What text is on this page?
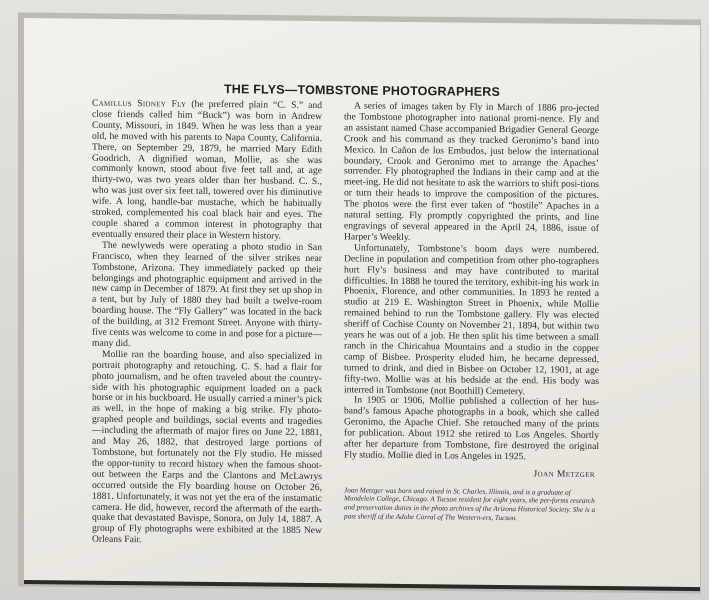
THE FLYS—TOMBSTONE PHOTOGRAPHERS

Camillus Sidney Fly (he preferred plain “C. S.” and close friends called him “Buck”) was born in Andrew County, Missouri, in 1849. When he was less than a year old, he moved with his parents to Napa County, California. There, on September 29, 1879, he married Mary Edith Goodrich. A dignified woman, Mollie, as she was commonly known, stood about five feet tall and, at age thirty-two, was two years older than her husband. C. S., who was just over six feet tall, towered over his diminutive wife. A long, handle-bar mustache, which he habitually stroked, complemented his coal black hair and eyes. The couple shared a common interest in photography that eventually ensured their place in Western history.

The newlyweds were operating a photo studio in San Francisco, when they learned of the silver strikes near Tombstone, Arizona. They immediately packed up their belongings and photographic equipment and arrived in the new camp in December of 1879. At first they set up shop in a tent, but by July of 1880 they had built a twelve-room boarding house. The “Fly Gallery” was located in the back of the building, at 312 Fremont Street. Anyone with thirty-five cents was welcome to come in and pose for a picture—many did.

Mollie ran the boarding house, and also specialized in portrait photography and retouching. C. S. had a flair for photo journalism, and he often traveled about the country-side with his photographic equipment loaded on a pack horse or in his buckboard. He usually carried a miner’s pick as well, in the hope of making a big strike. Fly photo-graphed people and buildings, social events and tragedies—including the aftermath of major fires on June 22, 1881, and May 26, 1882, that destroyed large portions of Tombstone, but fortunately not the Fly studio. He missed the oppor-tunity to record history when the famous shoot-out between the Earps and the Clantons and McLawrys occurred outside the Fly boarding house on October 26, 1881. Unfortunately, it was not yet the era of the instamatic camera. He did, however, record the aftermath of the earth-quake that devastated Bavispe, Sonora, on July 14, 1887. A group of Fly photographs were exhibited at the 1885 New Orleans Fair.

A series of images taken by Fly in March of 1886 pro-jected the Tombstone photographer into national promi-nence. Fly and an assistant named Chase accompanied Brigadier General George Crook and his command as they tracked Geronimo’s band into Mexico. In Cañon de los Embudos, just below the international boundary, Crook and Geronimo met to arrange the Apaches’ surrender. Fly photographed the Indians in their camp and at the meet-ing. He did not hesitate to ask the warriors to shift posi-tions or turn their heads to improve the composition of the pictures. The photos were the first ever taken of “hostile” Apaches in a natural setting. Fly promptly copyrighted the prints, and line engravings of several appeared in the April 24, 1886, issue of Harper’s Weekly.

Unfortunately, Tombstone’s boom days were numbered. Decline in population and competition from other pho-tographers hurt Fly’s business and may have contributed to marital difficulties. In 1888 he toured the territory, exhibit-ing his work in Phoenix, Florence, and other communities. In 1893 he rented a studio at 219 E. Washington Street in Phoenix, while Mollie remained behind to run the Tombstone gallery. Fly was elected sheriff of Cochise County on November 21, 1894, but within two years he was out of a job. He then split his time between a small ranch in the Chiricahua Mountains and a studio in the copper camp of Bisbee. Prosperity eluded him, he became depressed, turned to drink, and died in Bisbee on October 12, 1901, at age fifty-two. Mollie was at his bedside at the end. His body was interred in Tombstone (not Boothill) Cemetery.

In 1905 or 1906, Mollie published a collection of her hus-band’s famous Apache photographs in a book, which she called Geronimo, the Apache Chief. She retouched many of the prints for publication. About 1912 she retired to Los Angeles. Shortly after her departure from Tombstone, fire destroyed the original Fly studio. Mollie died in Los Angeles in 1925.

Joan Metzger
Joan Metzger was born and raised in St. Charles, Illinois, and is a graduate of Mundelein College, Chicago. A Tucson resident for eight years, she per-forms research and preservation duties in the photo archives of the Arizona Historical Society. She is a past sheriff of the Adobe Corral of The Western-ers, Tucson.
